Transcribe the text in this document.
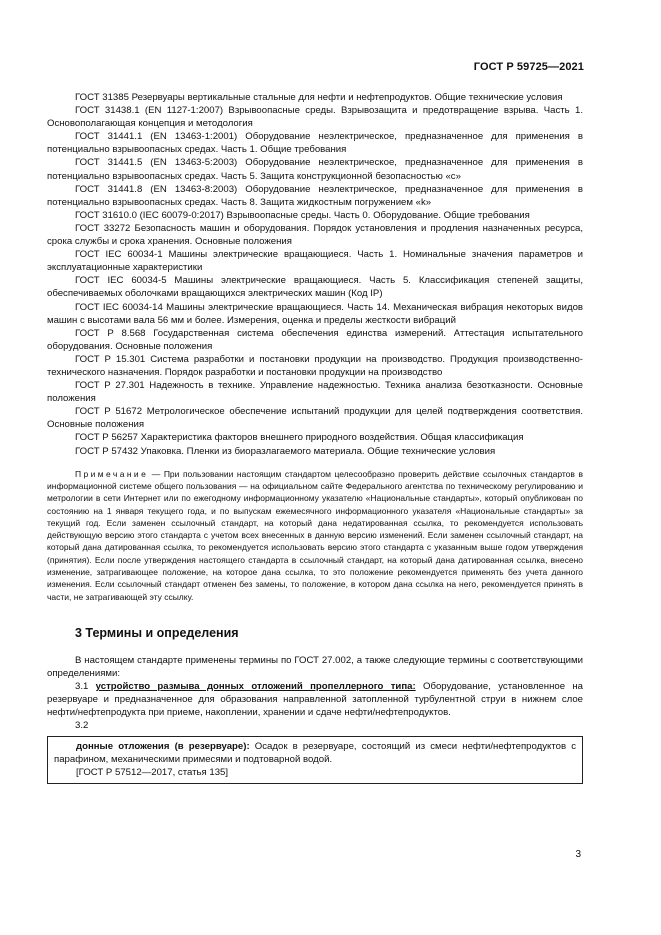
ГОСТ Р 59725—2021

ГОСТ 31385 Резервуары вертикальные стальные для нефти и нефтепродуктов. Общие технические условия

ГОСТ 31438.1 (EN 1127-1:2007) Взрывоопасные среды. Взрывозащита и предотвращение взрыва. Часть 1. Основополагающая концепция и методология

ГОСТ 31441.1 (EN 13463-1:2001) Оборудование неэлектрическое, предназначенное для применения в потенциально взрывоопасных средах. Часть 1. Общие требования

ГОСТ 31441.5 (EN 13463-5:2003) Оборудование неэлектрическое, предназначенное для применения в потенциально взрывоопасных средах. Часть 5. Защита конструкционной безопасностью «с»

ГОСТ 31441.8 (EN 13463-8:2003) Оборудование неэлектрическое, предназначенное для применения в потенциально взрывоопасных средах. Часть 8. Защита жидкостным погружением «k»

ГОСТ 31610.0 (IEC 60079-0:2017) Взрывоопасные среды. Часть 0. Оборудование. Общие требования

ГОСТ 33272 Безопасность машин и оборудования. Порядок установления и продления назначенных ресурса, срока службы и срока хранения. Основные положения

ГОСТ IEC 60034-1 Машины электрические вращающиеся. Часть 1. Номинальные значения параметров и эксплуатационные характеристики

ГОСТ IEC 60034-5 Машины электрические вращающиеся. Часть 5. Классификация степеней защиты, обеспечиваемых оболочками вращающихся электрических машин (Код IP)

ГОСТ IEC 60034-14 Машины электрические вращающиеся. Часть 14. Механическая вибрация некоторых видов машин с высотами вала 56 мм и более. Измерения, оценка и пределы жесткости вибраций

ГОСТ Р 8.568 Государственная система обеспечения единства измерений. Аттестация испытательного оборудования. Основные положения

ГОСТ Р 15.301 Система разработки и постановки продукции на производство. Продукция производственно-технического назначения. Порядок разработки и постановки продукции на производство

ГОСТ Р 27.301 Надежность в технике. Управление надежностью. Техника анализа безотказности. Основные положения

ГОСТ Р 51672 Метрологическое обеспечение испытаний продукции для целей подтверждения соответствия. Основные положения

ГОСТ Р 56257 Характеристика факторов внешнего природного воздействия. Общая классификация

ГОСТ Р 57432 Упаковка. Пленки из биоразлагаемого материала. Общие технические условия

Примечание — При пользовании настоящим стандартом целесообразно проверить действие ссылочных стандартов в информационной системе общего пользования — на официальном сайте Федерального агентства по техническому регулированию и метрологии в сети Интернет или по ежегодному информационному указателю «Национальные стандарты», который опубликован по состоянию на 1 января текущего года, и по выпускам ежемесячного информационного указателя «Национальные стандарты» за текущий год. Если заменен ссылочный стандарт, на который дана недатированная ссылка, то рекомендуется использовать действующую версию этого стандарта с учетом всех внесенных в данную версию изменений. Если заменен ссылочный стандарт, на который дана датированная ссылка, то рекомендуется использовать версию этого стандарта с указанным выше годом утверждения (принятия). Если после утверждения настоящего стандарта в ссылочный стандарт, на который дана датированная ссылка, внесено изменение, затрагивающее положение, на которое дана ссылка, то это положение рекомендуется применять без учета данного изменения. Если ссылочный стандарт отменен без замены, то положение, в котором дана ссылка на него, рекомендуется принять в части, не затрагивающей эту ссылку.

3 Термины и определения

В настоящем стандарте применены термины по ГОСТ 27.002, а также следующие термины с соответствующими определениями:

3.1 устройство размыва донных отложений пропеллерного типа: Оборудование, установленное на резервуаре и предназначенное для образования направленной затопленной турбулентной струи в нижнем слое нефти/нефтепродукта при приеме, накоплении, хранении и сдаче нефти/нефтепродуктов.

3.2

донные отложения (в резервуаре): Осадок в резервуаре, состоящий из смеси нефти/нефтепродуктов с парафином, механическими примесями и подтоварной водой.

[ГОСТ Р 57512—2017, статья 135]

3
